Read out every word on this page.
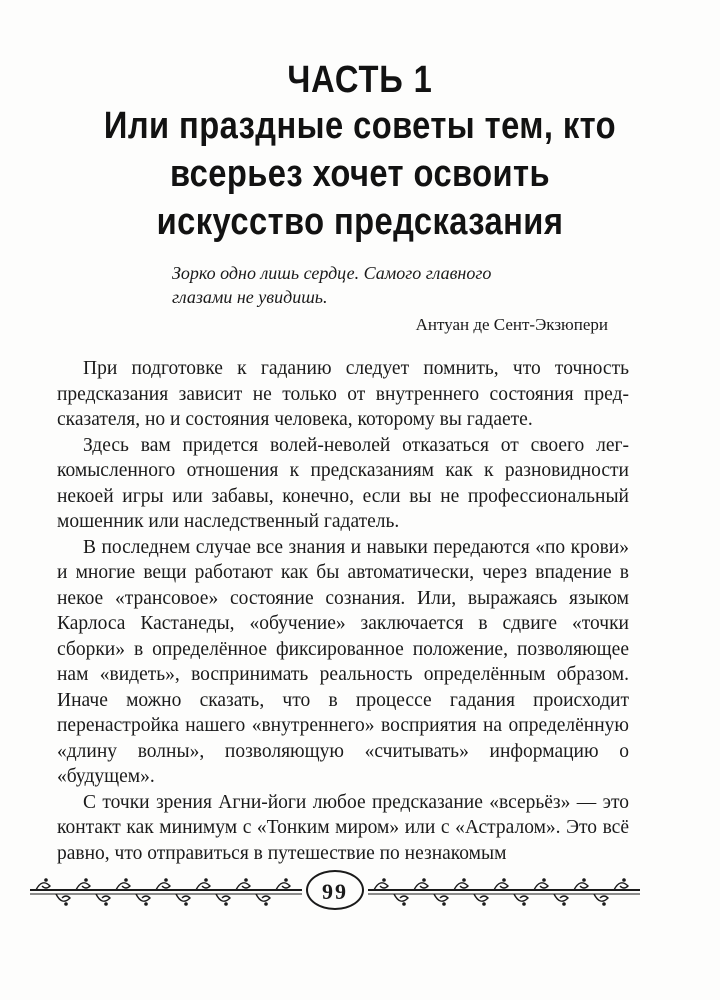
ЧАСТЬ 1
Или праздные советы тем, кто всерьез хочет освоить искусство предсказания
Зорко одно лишь сердце. Самого главного
глазами не увидишь.
Антуан де Сент-Экзюпери

При подготовке к гаданию следует помнить, что точность предсказания зависит не только от внутреннего состояния предсказателя, но и состояния человека, которому вы гадаете.

Здесь вам придется волей-неволей отказаться от своего легкомысленного отношения к предсказаниям как к разновидности некоей игры или забавы, конечно, если вы не профессиональный мошенник или наследственный гадатель.

В последнем случае все знания и навыки передаются «по крови» и многие вещи работают как бы автоматически, через впадение в некое «трансовое» состояние сознания. Или, выражаясь языком Карлоса Кастанеды, «обучение» заключается в сдвиге «точки сборки» в определённое фиксированное положение, позволяющее нам «видеть», воспринимать реальность определённым образом. Иначе можно сказать, что в процессе гадания происходит перенастройка нашего «внутреннего» восприятия на определённую «длину волны», позволяющую «считывать» информацию о «будущем».

С точки зрения Агни-йоги любое предсказание «всерьёз» — это контакт как минимум с «Тонким миром» или с «Астралом». Это всё равно, что отправиться в путешествие по незнакомым

99
